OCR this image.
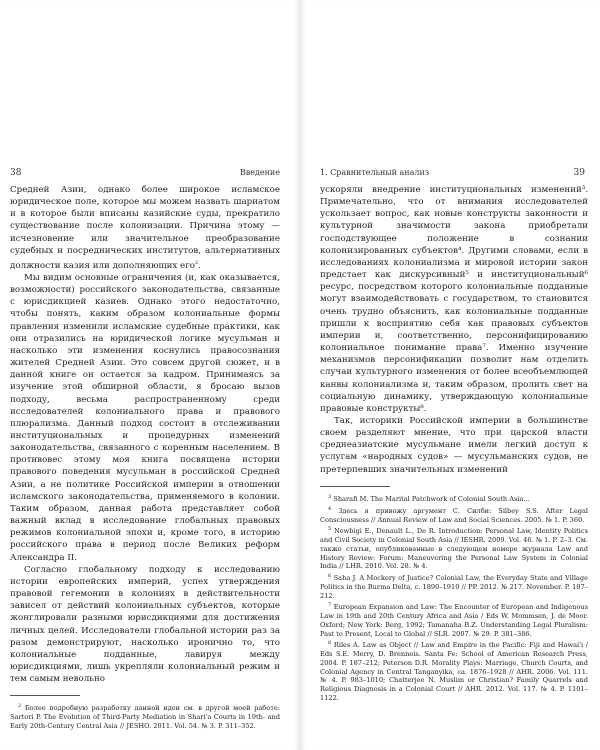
38	Введение

Средней Азии, однако более широкое исламское юридическое поле, которое мы можем назвать шариатом и в которое были вписаны казийские суды, прекратило существование после колонизации. Причина этому — исчезновение или значительное преобразование судебных и посреднических институтов, альтернативных должности казия или дополняющих его$^2$.

Мы видим основные ограничения (и, как оказывается, возможности) российского законодательства, связанные с юрисдикцией казиев. Однако этого недостаточно, чтобы понять, каким образом колониальные формы правления изменили исламские судебные практики, как они отразились на юридической логике мусульман и насколько эти изменения коснулись правосознания жителей Средней Азии. Это совсем другой сюжет, и в данной книге он остается за кадром. Принимаясь за изучение этой обширной области, я бросаю вызов подходу, весьма распространенному среди исследователей колониального права и правового плюрализма. Данный подход состоит в отслеживании институциональных и процедурных изменений законодательства, связанного с коренным населением. В противовес этому моя книга посвящена истории правового поведения мусульман в российской Средней Азии, а не политике Российской империи в отношении исламского законодательства, применяемого в колонии. Таким образом, данная работа представляет собой важный вклад в исследование глобальных правовых режимов колониальной эпохи и, кроме того, в историю российского права в период после Великих реформ Александра II.

Согласно глобальному подходу к исследованию истории европейских империй, успех утверждения правовой гегемонии в колониях в действительности зависел от действий колониальных субъектов, которые жонглировали разными юрисдикциями для достижения личных целей. Исследователи глобальной истории раз за разом демонстрируют, насколько иронично то, что колониальные подданные, лавируя между юрисдикциями, лишь укрепляли колониальный режим и тем самым невольно

$^2$ Более подробную разработку данной идеи см. в другой моей работе: Sartori P. The Evolution of Third-Party Mediation in Shari'a Courts in 19th- and Early 20th-Century Central Asia // JESHO. 2011. Vol. 54. № 3. P. 311–352.

1. Сравнительный анализ	39

ускоряли внедрение институциональных изменений³. Примечательно, что от внимания исследователей ускользает вопрос, как новые конструкты законности и культурной значимости закона приобретали господствующее положение в сознании колонизированных субъектов⁴. Другими словами, если в исследованиях колониализма и мировой истории закон предстает как дискурсивный⁵ и институциональный⁶ ресурс, посредством которого колониальные подданные могут взаимодействовать с государством, то становится очень трудно объяснить, как колониальные подданные пришли к восприятию себя как правовых субъектов империи и, соответственно, персонифицированию колониальное понимание права⁷. Именно изучение механизмов персонификации позволит нам отделить случаи культурного изменения от более всеобъемлющей канвы колониализма и, таким образом, пролить свет на социальную динамику, утверждающую колониальные правовые конструкты⁸.

Так, историки Российской империи в большинстве своем разделяют мнение, что при царской власти среднеазиатские мусульмане имели легкий доступ к услугам «народных судов» — мусульманских судов, не претерпевших значительных изменений

$^3$ Sharafi M. The Marital Patchwork of Colonial South Asia…

$^4$ Здесь я привожу аргумент С. Силби: Silbey S.S. After Legal Consciousness // Annual Review of Law and Social Sciences. 2005. № 1. P. 360.

$^5$ Newbigi E., Denault L., De R. Introduction: Personal Law, Identity Politics and Civil Society in Colonial South Asia // IESHR. 2009. Vol. 46. № 1. P. 2–3. См. также статьи, опубликованные в следующем номере журнала Law and History Review: Forum: Maneuvering the Personal Law System in Colonial India // LHR. 2010. Vol. 28. № 4.

$^6$ Saha J. A Mockery of Justice? Colonial Law, the Everyday State and Village Politics in the Burma Delta, c. 1890–1910 // PP. 2012. № 217. November. P. 187–212.

$^7$ European Expansion and Law: The Encounter of European and Indigenous Law in 19th and 20th Century Africa and Asia / Eds W. Mommsen, J. de Moor. Oxford; New York: Berg, 1992; Tamanaha B.Z. Understanding Legal Pluralism: Past to Present, Local to Global // SLR. 2007. № 29. P. 381–386.

$^8$ Riles A. Law as Object // Law and Empire in the Pacific: Fiji and Hawai'i / Eds S.E. Merry, D. Brenneis. Santa Fe: School of American Research Press, 2004. P. 187–212; Peterson D.R. Morality Plays: Marriage, Church Courts, and Colonial Agency in Central Tanganyika, ca. 1876–1928 // AHR. 2006. Vol. 111. № 4. P. 983–1010; Chatterjee N. Muslim or Christian? Family Quarrels and Religious Diagnosis in a Colonial Court // AHR. 2012. Vol. 117. № 4. P. 1101–1122.
